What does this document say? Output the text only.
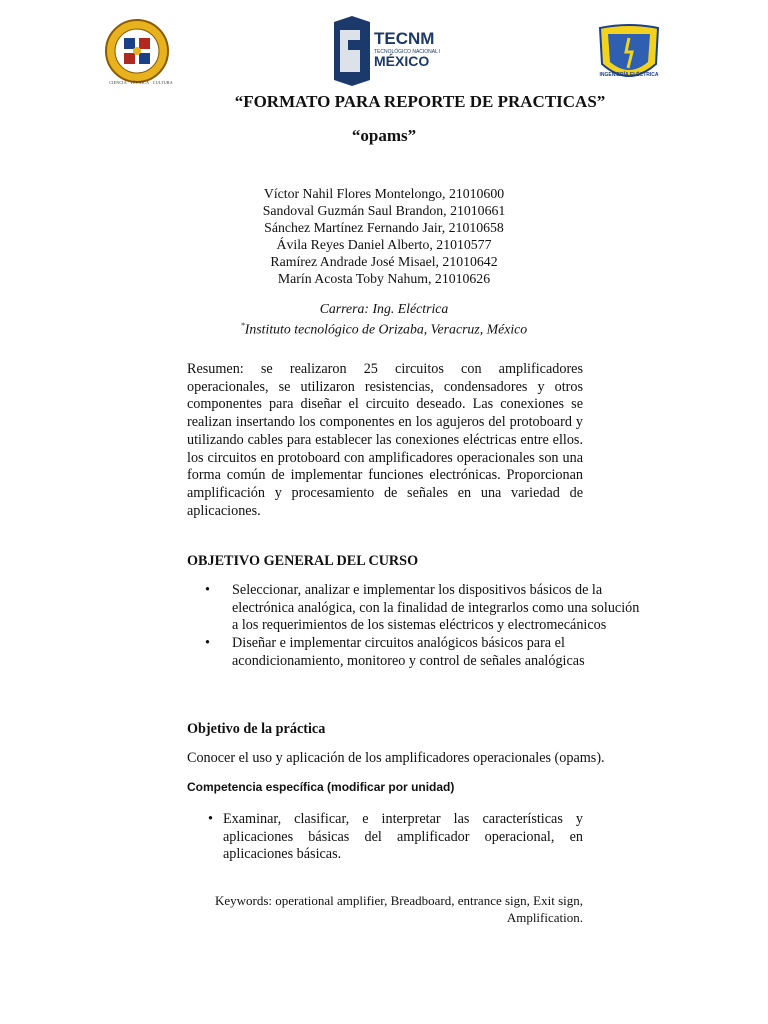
CIENCIA · TÉCNICA · CULTURA
TECNM
TECNOLÓGICO NACIONAL DE
MÉXICO
INGENIERÍA ELÉCTRICA
“FORMATO PARA REPORTE DE PRACTICAS”
“opams”
Víctor Nahil Flores Montelongo, 21010600
Sandoval Guzmán Saul Brandon, 21010661
Sánchez Martínez Fernando Jair, 21010658
Ávila Reyes Daniel Alberto, 21010577
Ramírez Andrade José Misael, 21010642
Marín Acosta Toby Nahum, 21010626
Carrera: Ing. Eléctrica
*Instituto tecnológico de Orizaba, Veracruz, México
Resumen: se realizaron 25 circuitos con amplificadores operacionales, se utilizaron resistencias, condensadores y otros componentes para diseñar el circuito deseado. Las conexiones se realizan insertando los componentes en los agujeros del protoboard y utilizando cables para establecer las conexiones eléctricas entre ellos. los circuitos en protoboard con amplificadores operacionales son una forma común de implementar funciones electrónicas. Proporcionan amplificación y procesamiento de señales en una variedad de aplicaciones.
OBJETIVO GENERAL DEL CURSO
• Seleccionar, analizar e implementar los dispositivos básicos de la electrónica analógica, con la finalidad de integrarlos como una solución a los requerimientos de los sistemas eléctricos y electromecánicos
• Diseñar e implementar circuitos analógicos básicos para el acondicionamiento, monitoreo y control de señales analógicas
Objetivo de la práctica
Conocer el uso y aplicación de los amplificadores operacionales (opams).
Competencia específica (modificar por unidad)
• Examinar, clasificar, e interpretar las características y aplicaciones básicas del amplificador operacional, en aplicaciones básicas.
Keywords: operational amplifier, Breadboard, entrance sign, Exit sign, Amplification.
